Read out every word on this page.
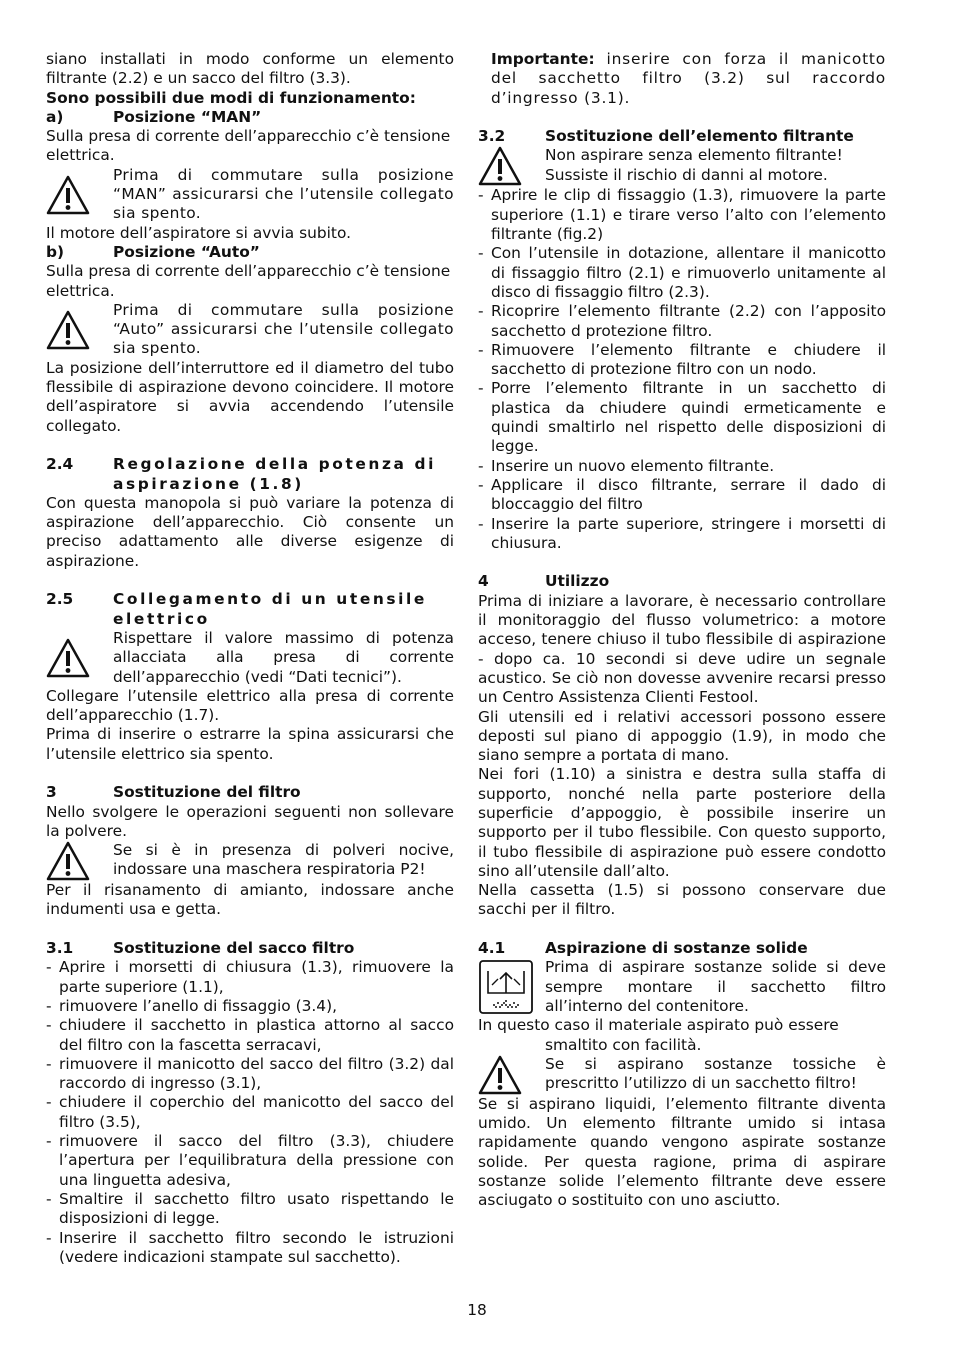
siano installati in modo conforme un elemento filtrante (2.2) e un sacco del filtro (3.3).

Sono possibili due modi di funzionamento:

a)	Posizione “MAN”

Sulla presa di corrente dell’apparecchio c’è tensione elettrica.

Prima di commutare sulla posizione “MAN” assicurarsi che l’utensile collegato sia spento.

Il motore dell’aspiratore si avvia subito.

b)	Posizione “Auto”

Sulla presa di corrente dell’apparecchio c’è tensione elettrica.

Prima di commutare sulla posizione “Auto” assicurarsi che l’utensile collegato sia spento.

La posizione dell’interruttore ed il diametro del tubo flessibile di aspirazione devono coincidere. Il motore dell’aspiratore si avvia accendendo l’utensile collegato.

2.4	Regolazione della potenza di aspirazione (1.8)

Con questa manopola si può variare la potenza di aspirazione dell’apparecchio. Ciò consente un preciso adattamento alle diverse esigenze di aspirazione.

2.5	Collegamento di un utensile elettrico

Rispettare il valore massimo di potenza allacciata alla presa di corrente dell’apparecchio (vedi “Dati tecnici”).

Collegare l’utensile elettrico alla presa di corrente dell’apparecchio (1.7).

Prima di inserire o estrarre la spina assicurarsi che l’utensile elettrico sia spento.

3	Sostituzione del filtro

Nello svolgere le operazioni seguenti non sollevare la polvere.

Se si è in presenza di polveri nocive, indossare una maschera respiratoria P2!

Per il risanamento di amianto, indossare anche indumenti usa e getta.

3.1	Sostituzione del sacco filtro
- Aprire i morsetti di chiusura (1.3), rimuovere la parte superiore (1.1),
- rimuovere l’anello di fissaggio (3.4),
- chiudere il sacchetto in plastica attorno al sacco del filtro con la fascetta serracavi,
- rimuovere il manicotto del sacco del filtro (3.2) dal raccordo di ingresso (3.1),
- chiudere il coperchio del manicotto del sacco del filtro (3.5),
- rimuovere il sacco del filtro (3.3), chiudere l’apertura per l’equilibratura della pressione con una linguetta adesiva,
- Smaltire il sacchetto filtro usato rispettando le disposizioni di legge.
- Inserire il sacchetto filtro secondo le istruzioni (vedere indicazioni stampate sul sacchetto).

Importante: inserire con forza il manicotto del sacchetto filtro (3.2) sul raccordo d’ingresso (3.1).

3.2	Sostituzione dell’elemento filtrante

Non aspirare senza elemento filtrante! Sussiste il rischio di danni al motore.

- Aprire le clip di fissaggio (1.3), rimuovere la parte superiore (1.1) e tirare verso l’alto con l’elemento filtrante (fig.2)
- Con l’utensile in dotazione, allentare il manicotto di fissaggio filtro (2.1) e rimuoverlo unitamente al disco di fissaggio filtro (2.3).
- Ricoprire l’elemento filtrante (2.2) con l’apposito sacchetto d protezione filtro.
- Rimuovere l’elemento filtrante e chiudere il sacchetto di protezione filtro con un nodo.
- Porre l’elemento filtrante in un sacchetto di plastica da chiudere quindi ermeticamente e quindi smaltirlo nel rispetto delle disposizioni di legge.
- Inserire un nuovo elemento filtrante.
- Applicare il disco filtrante, serrare il dado di bloccaggio del filtro
- Inserire la parte superiore, stringere i morsetti di chiusura.
4	Utilizzo

Prima di iniziare a lavorare, è necessario controllare il monitoraggio del flusso volumetrico: a motore acceso, tenere chiuso il tubo flessibile di aspirazione - dopo ca. 10 secondi si deve udire un segnale acustico. Se ciò non dovesse avvenire recarsi presso un Centro Assistenza Clienti Festool.

Gli utensili ed i relativi accessori possono essere deposti sul piano di appoggio (1.9), in modo che siano sempre a portata di mano.

Nei fori (1.10) a sinistra e destra sulla staffa di supporto, nonché nella parte posteriore della superficie d’appoggio, è possibile inserire un supporto per il tubo flessibile. Con questo supporto, il tubo flessibile di aspirazione può essere condotto sino all’utensile dall’alto.

Nella cassetta (1.5) si possono conservare due sacchi per il filtro.

4.1	Aspirazione di sostanze solide

Prima di aspirare sostanze solide si deve sempre montare il sacchetto filtro all’interno del contenitore.

In questo caso il materiale aspirato può essere

smaltito con facilità.

Se si aspirano sostanze tossiche è prescritto l’utilizzo di un sacchetto filtro!

Se si aspirano liquidi, l’elemento filtrante diventa umido. Un elemento filtrante umido si intasa rapidamente quando vengono aspirate sostanze solide. Per questa ragione, prima di aspirare sostanze solide l’elemento filtrante deve essere asciugato o sostituito con uno asciutto.

18
